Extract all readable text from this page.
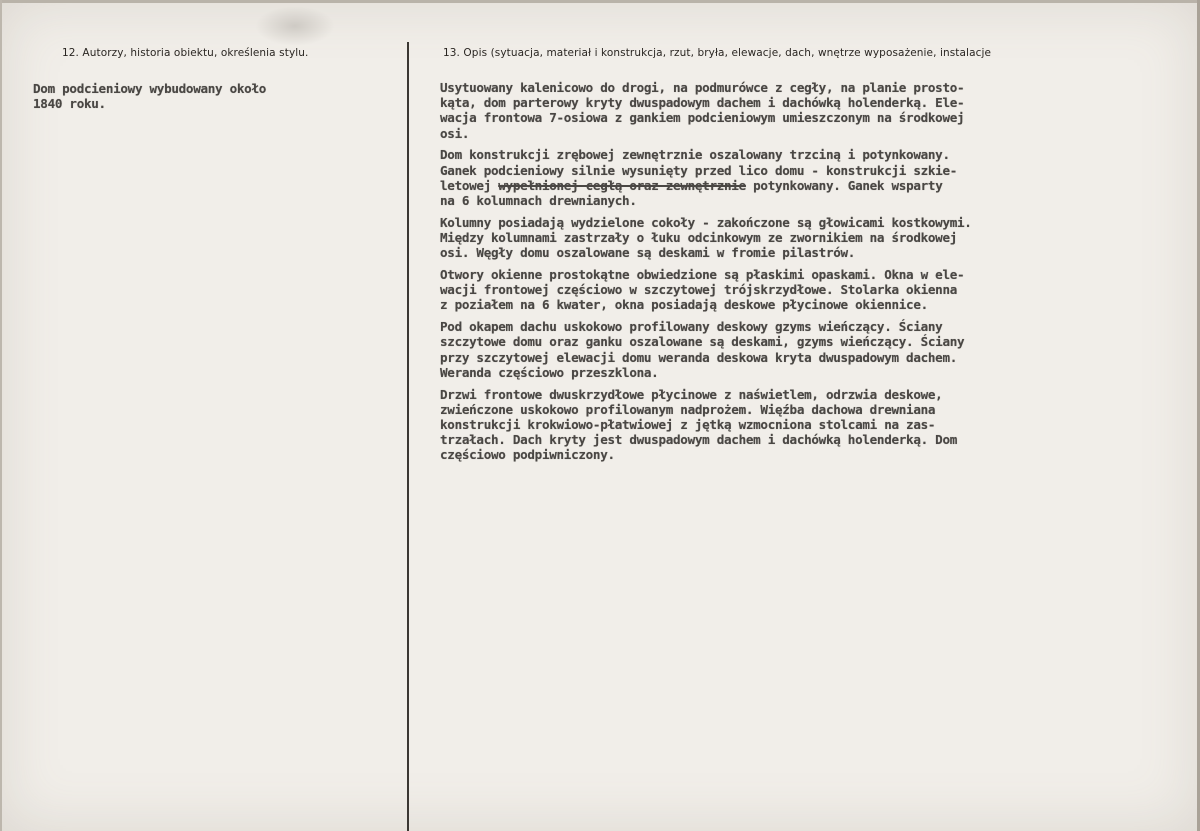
12. Autorzy, historia obiektu, określenia stylu.	13. Opis (sytuacja, materiał i konstrukcja, rzut, bryła, elewacje, dach, wnętrze wyposażenie, instalacje
Dom podcieniowy wybudowany około
1840 roku.
Usytuowany kalenicowo do drogi, na podmurówce z cegły, na planie prosto-
kąta, dom parterowy kryty dwuspadowym dachem i dachówką holenderką. Ele-
wacja frontowa 7-osiowa z gankiem podcieniowym umieszczonym na środkowej
osi.
Dom konstrukcji zrębowej zewnętrznie oszalowany trzciną i potynkowany.
Ganek podcieniowy silnie wysunięty przed lico domu - konstrukcji szkie-
letowej wypełnionej cegłą oraz zewnętrznie potynkowany. Ganek wsparty
na 6 kolumnach drewnianych.
Kolumny posiadają wydzielone cokoły - zakończone są głowicami kostkowymi.
Między kolumnami zastrzały o łuku odcinkowym ze zwornikiem na środkowej
osi. Węgły domu oszalowane są deskami w fromie pilastrów.
Otwory okienne prostokątne obwiedzione są płaskimi opaskami. Okna w ele-
wacji frontowej częściowo w szczytowej trójskrzydłowe. Stolarka okienna
z poziałem na 6 kwater, okna posiadają deskowe płycinowe okiennice.
Pod okapem dachu uskokowo profilowany deskowy gzyms wieńczący. Ściany
szczytowe domu oraz ganku oszalowane są deskami, gzyms wieńczący. Ściany
przy szczytowej elewacji domu weranda deskowa kryta dwuspadowym dachem.
Weranda częściowo przeszklona.
Drzwi frontowe dwuskrzydłowe płycinowe z naświetlem, odrzwia deskowe,
zwieńczone uskokowo profilowanym nadprożem. Więźba dachowa drewniana
konstrukcji krokwiowo-płatwiowej z jętką wzmocniona stolcami na zas-
trzałach. Dach kryty jest dwuspadowym dachem i dachówką holenderką. Dom
częściowo podpiwniczony.
